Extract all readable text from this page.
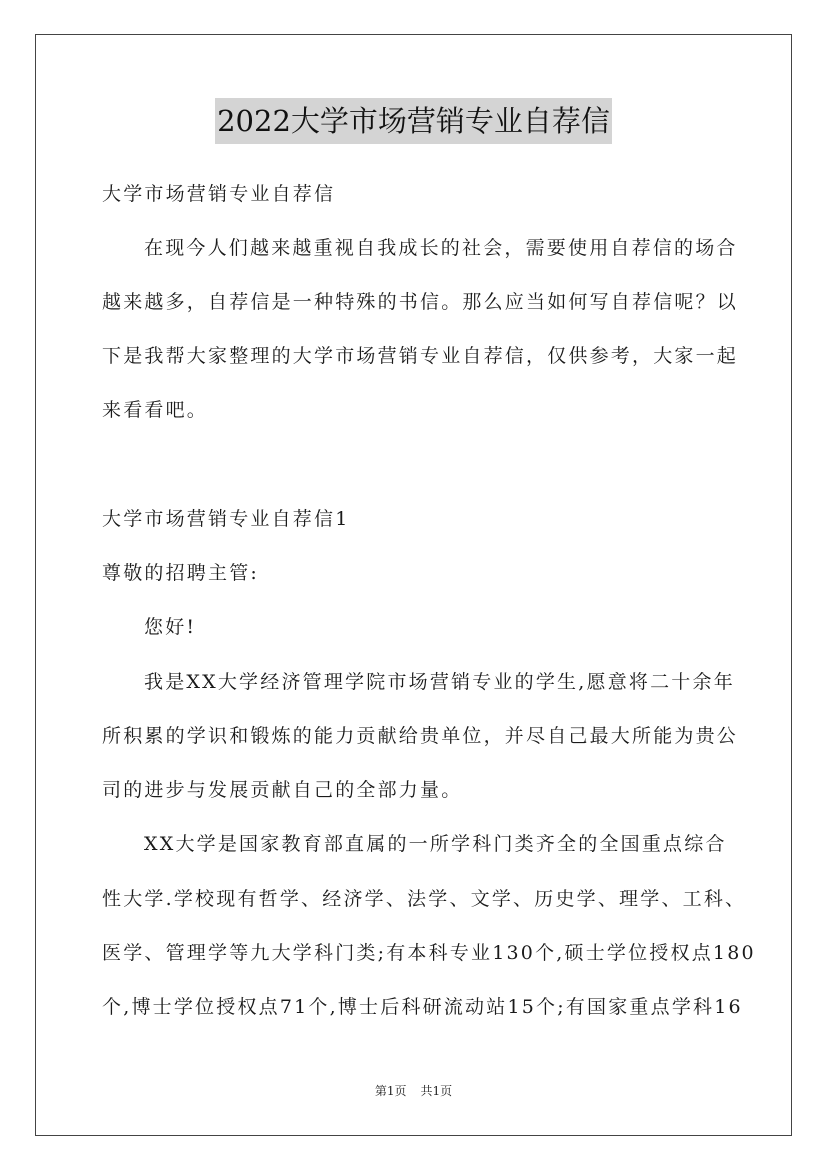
2022大学市场营销专业自荐信
大学市场营销专业自荐信
在现今人们越来越重视自我成长的社会，需要使用自荐信的场合
越来越多，自荐信是一种特殊的书信。那么应当如何写自荐信呢？以
下是我帮大家整理的大学市场营销专业自荐信，仅供参考，大家一起
来看看吧。
大学市场营销专业自荐信1
尊敬的招聘主管:
您好!
我是XX大学经济管理学院市场营销专业的学生,愿意将二十余年
所积累的学识和锻炼的能力贡献给贵单位，并尽自己最大所能为贵公
司的进步与发展贡献自己的全部力量。
XX大学是国家教育部直属的一所学科门类齐全的全国重点综合
性大学.学校现有哲学、经济学、法学、文学、历史学、理学、工科、
医学、管理学等九大学科门类;有本科专业130个,硕士学位授权点180
个,博士学位授权点71个,博士后科研流动站15个;有国家重点学科16
第1页 共1页
